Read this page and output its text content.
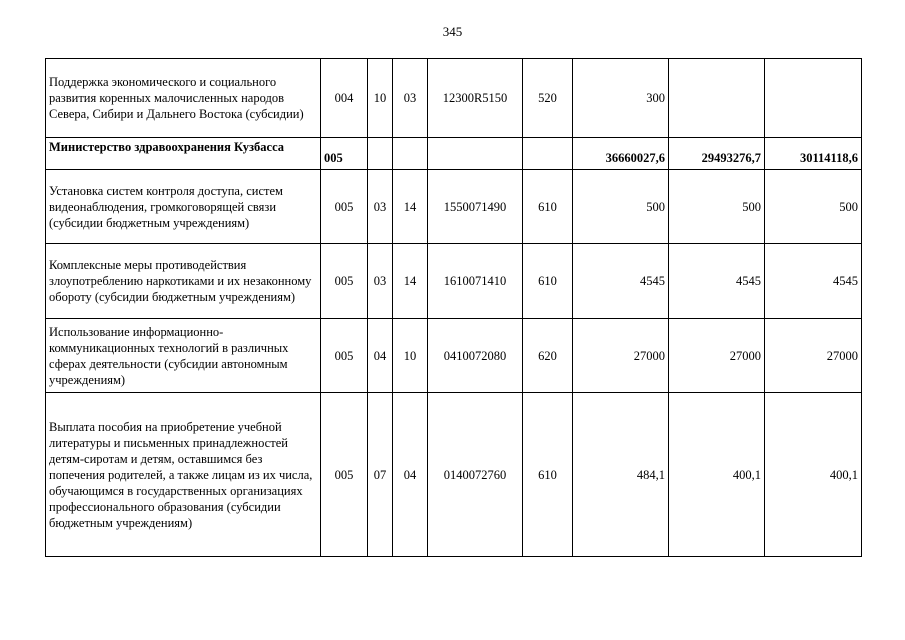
345
Поддержка экономического и социального развития коренных малочисленных народов Севера, Сибири и Дальнего Востока (субсидии)	004	10	03	12300R5150	520	300		
Министерство здравоохранения Кузбасса	005					36660027,6	29493276,7	30114118,6
Установка систем контроля доступа, систем видеонаблюдения, громкоговорящей связи (субсидии бюджетным учреждениям)	005	03	14	1550071490	610	500	500	500
Комплексные меры противодействия злоупотреблению наркотиками и их незаконному обороту (субсидии бюджетным учреждениям)	005	03	14	1610071410	610	4545	4545	4545
Использование информационно-коммуникационных технологий в различных сферах деятельности (субсидии автономным учреждениям)	005	04	10	0410072080	620	27000	27000	27000
Выплата пособия на приобретение учебной литературы и письменных принадлежностей детям-сиротам и детям, оставшимся без попечения родителей, а также лицам из их числа, обучающимся в государственных организациях профессионального образования (субсидии бюджетным учреждениям)	005	07	04	0140072760	610	484,1	400,1	400,1
